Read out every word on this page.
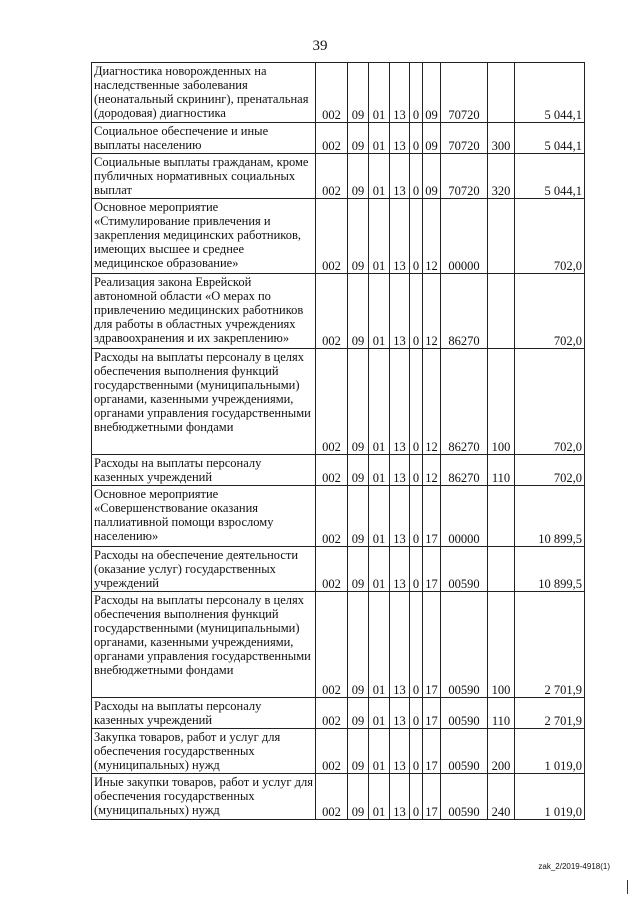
39
Диагностика новорожденных на наследственные заболевания (неонатальный скрининг), пренатальная (дородовая) диагностика	002	09	01	13	0	09	70720		5 044,1
Социальное обеспечение и иные выплаты населению	002	09	01	13	0	09	70720	300	5 044,1
Социальные выплаты гражданам, кроме публичных нормативных социальных выплат	002	09	01	13	0	09	70720	320	5 044,1
Основное мероприятие «Стимулирование привлечения и закрепления медицинских работников, имеющих высшее и среднее медицинское образование»	002	09	01	13	0	12	00000		702,0
Реализация закона Еврейской автономной области «О мерах по привлечению медицинских работников для работы в областных учреждениях здравоохранения и их закреплению»	002	09	01	13	0	12	86270		702,0
Расходы на выплаты персоналу в целях обеспечения выполнения функций государственными (муниципальными) органами, казенными учреждениями, органами управления государственными внебюджетными фондами	002	09	01	13	0	12	86270	100	702,0
Расходы на выплаты персоналу казенных учреждений	002	09	01	13	0	12	86270	110	702,0
Основное мероприятие «Совершенствование оказания паллиативной помощи взрослому населению»	002	09	01	13	0	17	00000		10 899,5
Расходы на обеспечение деятельности (оказание услуг) государственных учреждений	002	09	01	13	0	17	00590		10 899,5
Расходы на выплаты персоналу в целях обеспечения выполнения функций государственными (муниципальными) органами, казенными учреждениями, органами управления государственными внебюджетными фондами	002	09	01	13	0	17	00590	100	2 701,9
Расходы на выплаты персоналу казенных учреждений	002	09	01	13	0	17	00590	110	2 701,9
Закупка товаров, работ и услуг для обеспечения государственных (муниципальных) нужд	002	09	01	13	0	17	00590	200	1 019,0
Иные закупки товаров, работ и услуг для обеспечения государственных (муниципальных) нужд	002	09	01	13	0	17	00590	240	1 019,0
zak_2/2019-4918(1)
